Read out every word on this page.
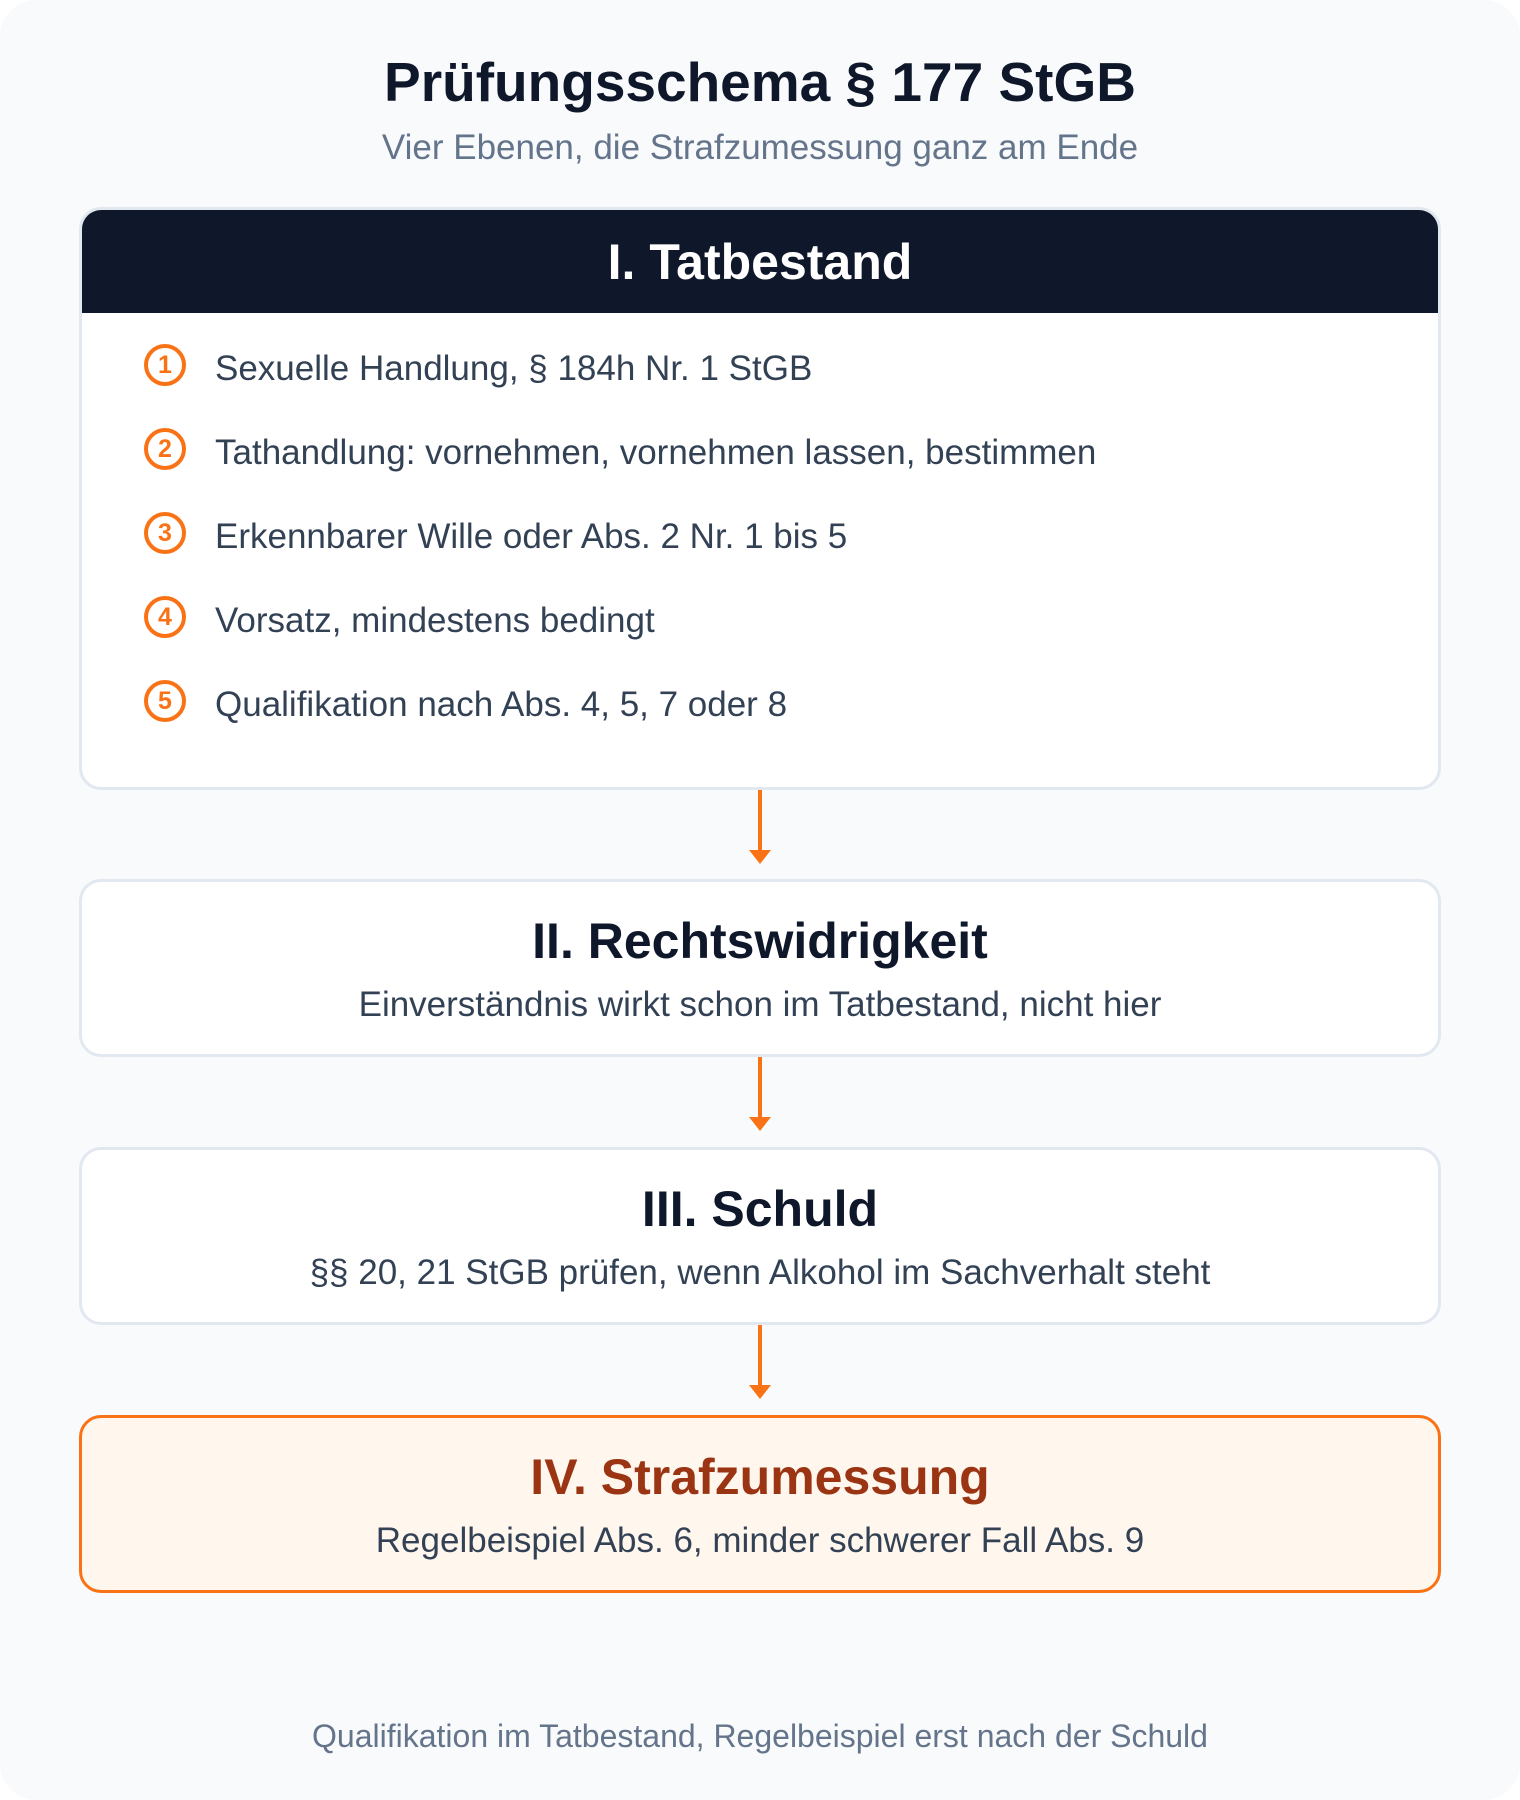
Prüfungsschema § 177 StGB
Vier Ebenen, die Strafzumessung ganz am Ende
I. Tatbestand
1	Sexuelle Handlung, § 184h Nr. 1 StGB
2	Tathandlung: vornehmen, vornehmen lassen, bestimmen
3	Erkennbarer Wille oder Abs. 2 Nr. 1 bis 5
4	Vorsatz, mindestens bedingt
5	Qualifikation nach Abs. 4, 5, 7 oder 8
II. Rechtswidrigkeit
Einverständnis wirkt schon im Tatbestand, nicht hier
III. Schuld
§§ 20, 21 StGB prüfen, wenn Alkohol im Sachverhalt steht
IV. Strafzumessung
Regelbeispiel Abs. 6, minder schwerer Fall Abs. 9
Qualifikation im Tatbestand, Regelbeispiel erst nach der Schuld
